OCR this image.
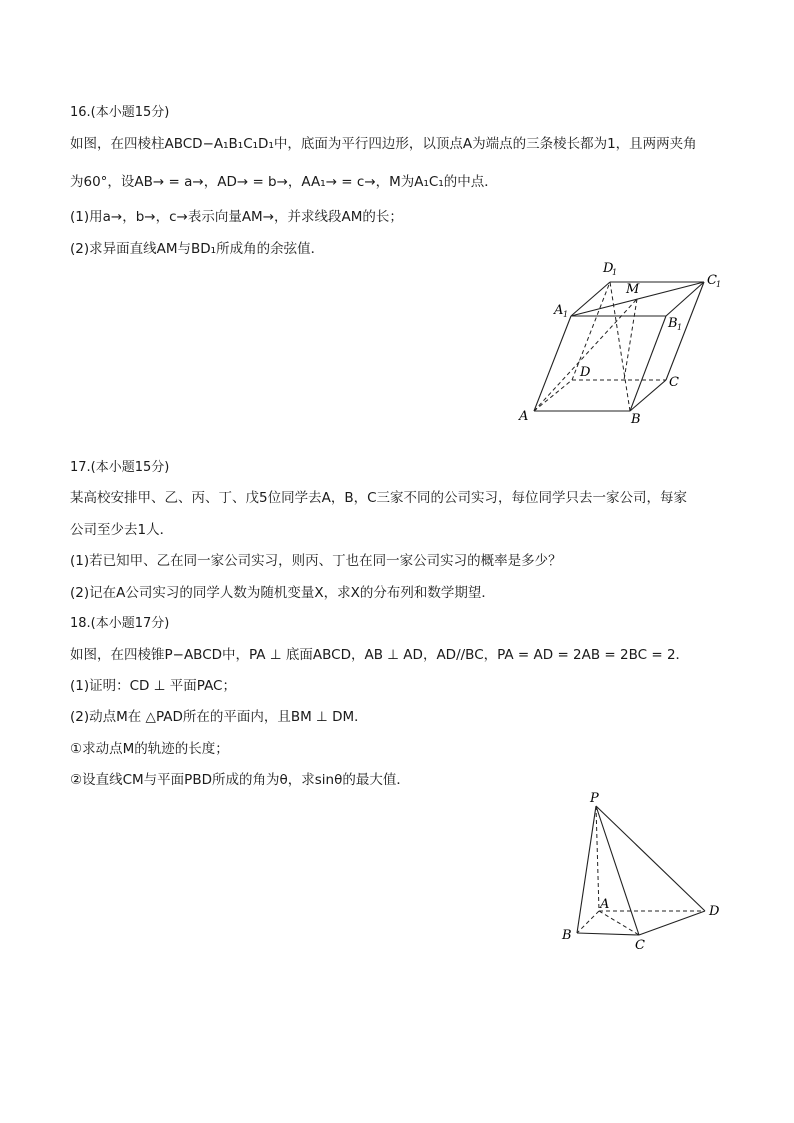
16.(本小题15分)
如图，在四棱柱ABCD−A₁B₁C₁D₁中，底面为平行四边形，以顶点A为端点的三条棱长都为1，且两两夹角
为60°，设AB→ = a→，AD→ = b→，AA₁→ = c→，M为A₁C₁的中点．
(1)用a→，b→，c→表示向量AM→，并求线段AM的长；
(2)求异面直线AM与BD₁所成角的余弦值．
A	B
C
D
A 1
B 1
C 1
D
1
M
17.(本小题15分)
某高校安排甲、乙、丙、丁、戊5位同学去A，B，C三家不同的公司实习，每位同学只去一家公司，每家
公司至少去1人．
(1)若已知甲、乙在同一家公司实习，则丙、丁也在同一家公司实习的概率是多少？
(2)记在A公司实习的同学人数为随机变量X，求X的分布列和数学期望．
18.(本小题17分)
如图，在四棱锥P−ABCD中，PA ⊥ 底面ABCD，AB ⊥ AD，AD//BC，PA = AD = 2AB = 2BC = 2．
(1)证明：CD ⊥ 平面PAC；
(2)动点M在 △PAD所在的平面内，且BM ⊥ DM．
①求动点M的轨迹的长度；
②设直线CM与平面PBD所成的角为θ，求sinθ的最大值．
P
A
B
C
D
